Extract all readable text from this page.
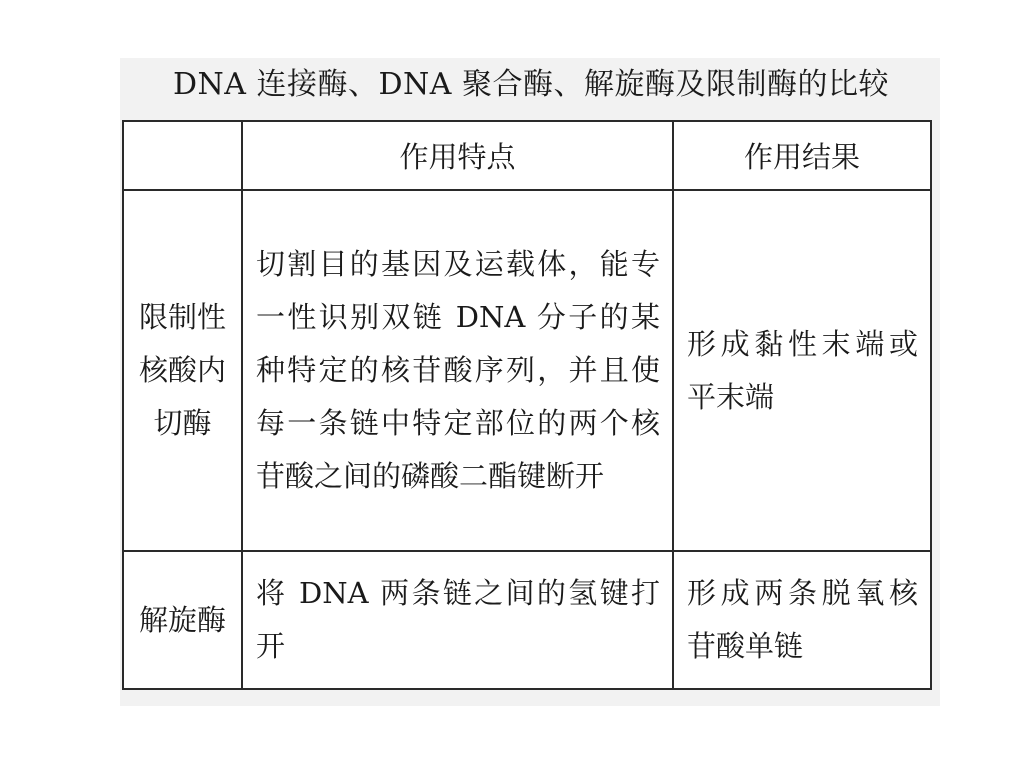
DNA 连接酶、DNA 聚合酶、解旋酶及限制酶的比较
	作用特点	作用结果

限制性核酸内切酶	切割目的基因及运载体，能专一性识别双链 DNA 分子的某种特定的核苷酸序列，并且使每一条链中特定部位的两个核苷酸之间的磷酸二酯键断开	形成黏性末端或平末端
解旋酶	将 DNA 两条链之间的氢键打开	形成两条脱氧核苷酸单链
